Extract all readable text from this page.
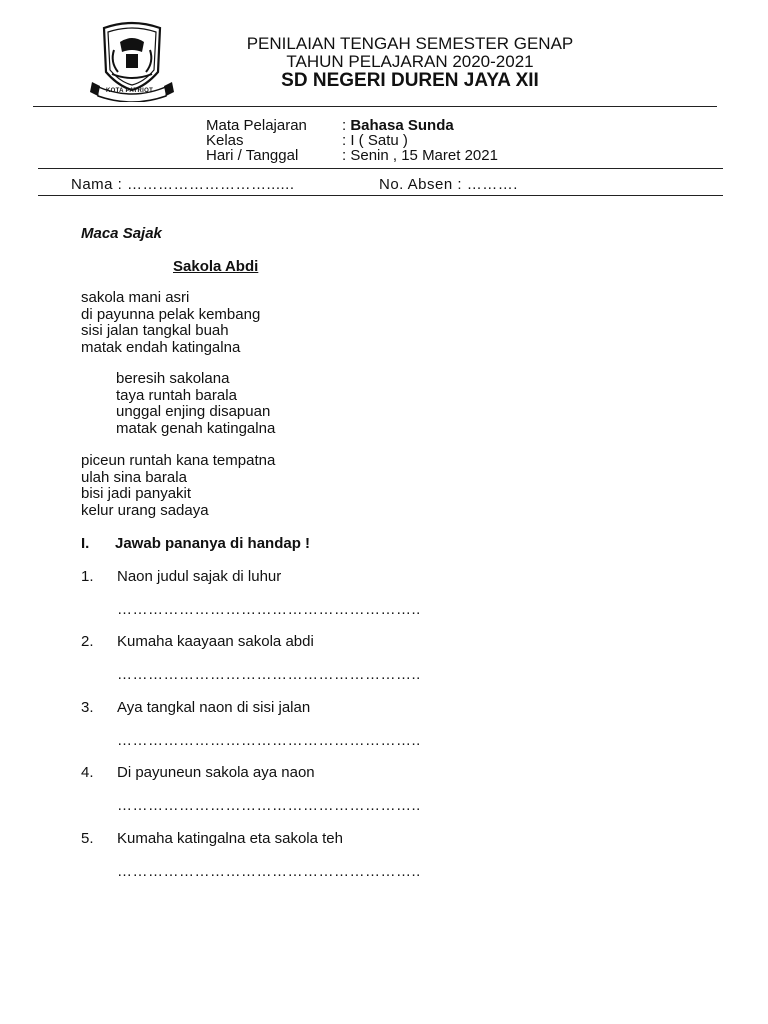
KOTA PATRIOT
PENILAIAN TENGAH SEMESTER GENAP
TAHUN PELAJARAN 2020-2021
SD NEGERI DUREN JAYA XII
Mata Pelajaran : Bahasa Sunda
Kelas	: I ( Satu )
Hari / Tanggal	: Senin , 15 Maret 2021
Nama : ………………………......	No. Absen : ……….
Maca Sajak
Sakola Abdi
sakola mani asri
di payunna pelak kembang
sisi jalan tangkal buah
matak endah katingalna
beresih sakolana
taya runtah barala
unggal enjing disapuan
matak genah katingalna
piceun runtah kana tempatna
ulah sina barala
bisi jadi panyakit
kelur urang sadaya
I. Jawab pananya di handap !
1. Naon judul sajak di luhur
…………………………………………………..
2. Kumaha kaayaan sakola abdi
…………………………………………………..
3. Aya tangkal naon di sisi jalan
…………………………………………………..
4. Di payuneun sakola aya naon
…………………………………………………..
5. Kumaha katingalna eta sakola teh
…………………………………………………..
